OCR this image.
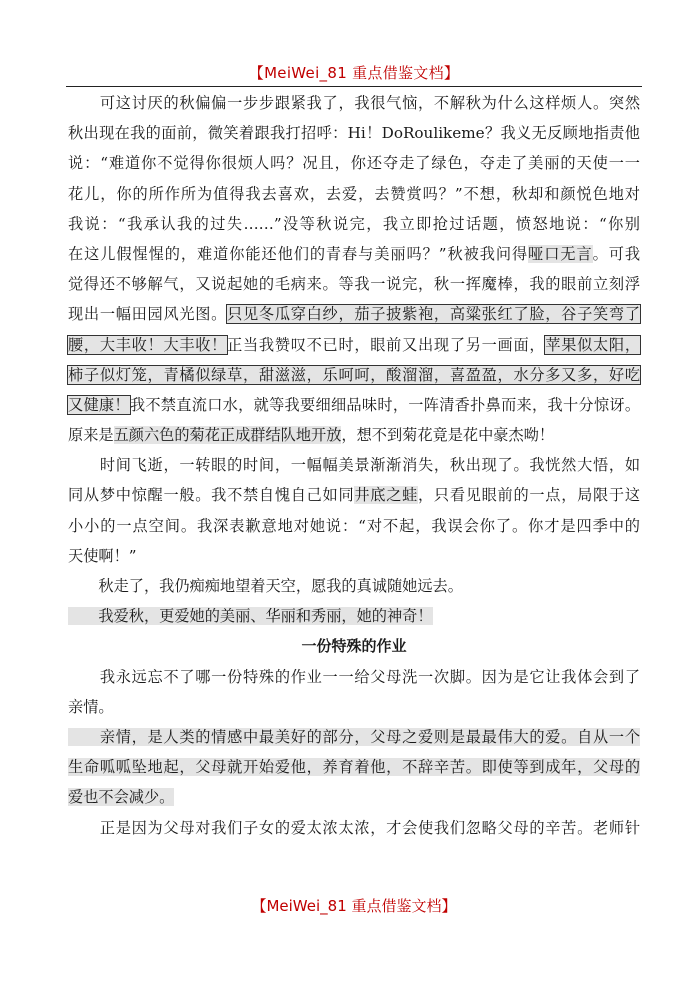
【MeiWei_81 重点借鉴文档】
　　可这讨厌的秋偏偏一步步跟紧我了，我很气恼，不解秋为什么这样烦人。突然
秋出现在我的面前，微笑着跟我打招呼：Hi！DoRoulikeme？我义无反顾地指责他
说：“难道你不觉得你很烦人吗？况且，你还夺走了绿色，夺走了美丽的天使一一
花儿，你的所作所为值得我去喜欢，去爱，去赞赏吗？”不想，秋却和颜悦色地对
我说：“我承认我的过失……”没等秋说完，我立即抢过话题，愤怒地说：“你别
在这儿假惺惺的，难道你能还他们的青春与美丽吗？”秋被我问得哑口无言。可我
觉得还不够解气，又说起她的毛病来。等我一说完，秋一挥魔棒，我的眼前立刻浮
现出一幅田园风光图。只见冬瓜穿白纱，茄子披紫袍，高粱张红了脸，谷子笑弯了
腰，大丰收！大丰收！正当我赞叹不已时，眼前又出现了另一画面，苹果似太阳，
柿子似灯笼，青橘似绿草，甜滋滋，乐呵呵，酸溜溜，喜盈盈，水分多又多，好吃
又健康！我不禁直流口水，就等我要细细品味时，一阵清香扑鼻而来，我十分惊讶。
原来是五颜六色的菊花正成群结队地开放，想不到菊花竟是花中豪杰呦！
　　时间飞逝，一转眼的时间，一幅幅美景渐渐消失，秋出现了。我恍然大悟，如
同从梦中惊醒一般。我不禁自愧自己如同井底之蛙，只看见眼前的一点，局限于这
小小的一点空间。我深表歉意地对她说：“对不起，我误会你了。你才是四季中的
天使啊！”
　　秋走了，我仍痴痴地望着天空，愿我的真诚随她远去。
　　我爱秋，更爱她的美丽、华丽和秀丽，她的神奇！
一份特殊的作业
　　我永远忘不了哪一份特殊的作业一一给父母洗一次脚。因为是它让我体会到了
亲情。
　　亲情，是人类的情感中最美好的部分，父母之爱则是最最伟大的爱。自从一个
生命呱呱坠地起，父母就开始爱他，养育着他，不辞辛苦。即使等到成年，父母的
爱也不会减少。
　　正是因为父母对我们子女的爱太浓太浓，才会使我们忽略父母的辛苦。老师针
【MeiWei_81 重点借鉴文档】
